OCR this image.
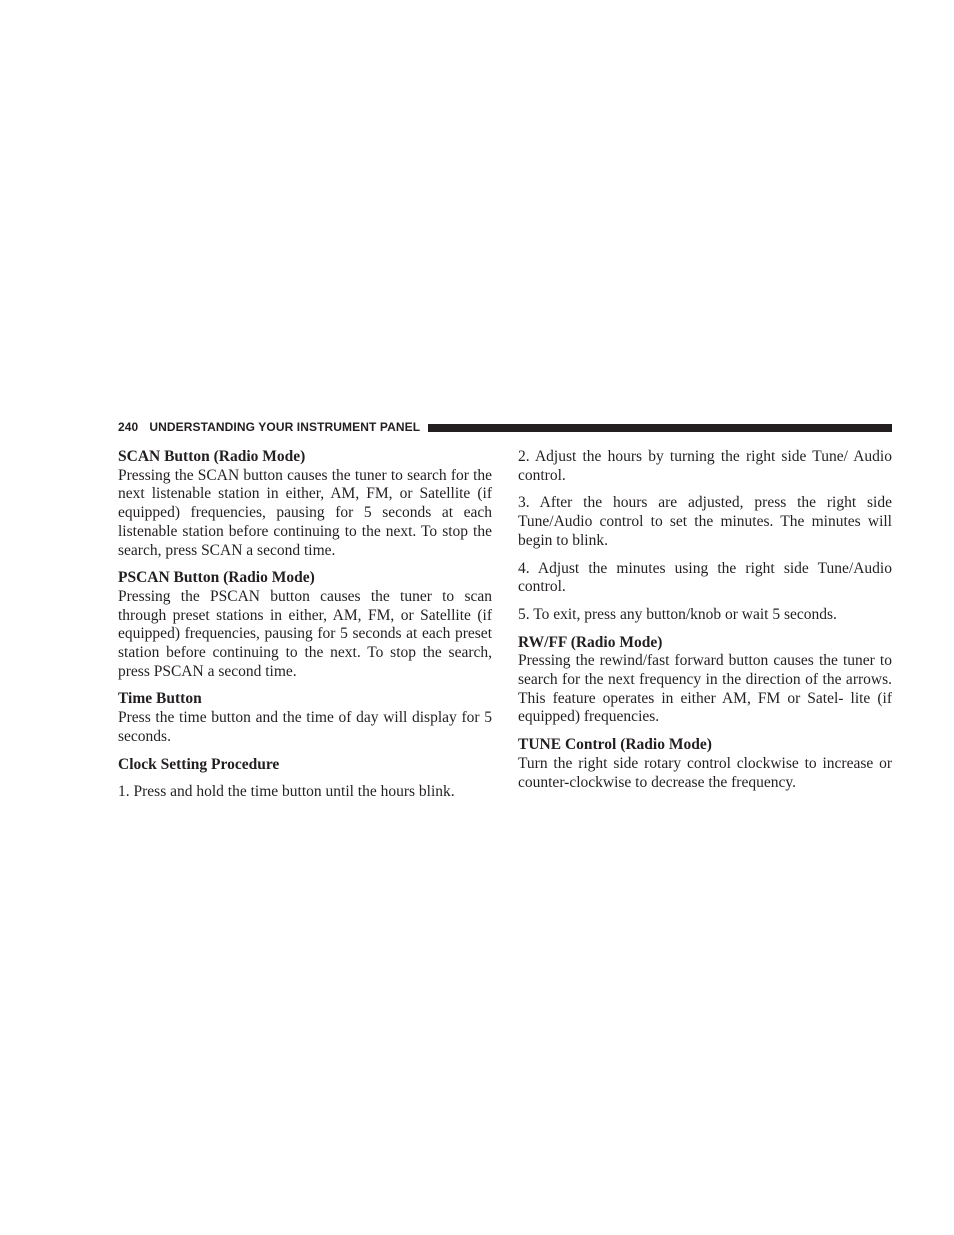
240 UNDERSTANDING YOUR INSTRUMENT PANEL

SCAN Button (Radio Mode)

Pressing the SCAN button causes the tuner to search for the next listenable station in either, AM, FM, or Satellite (if equipped) frequencies, pausing for 5 seconds at each listenable station before continuing to the next. To stop the search, press SCAN a second time.

PSCAN Button (Radio Mode)

Pressing the PSCAN button causes the tuner to scan through preset stations in either, AM, FM, or Satellite (if equipped) frequencies, pausing for 5 seconds at each preset station before continuing to the next. To stop the search, press PSCAN a second time.

Time Button

Press the time button and the time of day will display for 5 seconds.

Clock Setting Procedure

1. Press and hold the time button until the hours blink.

2. Adjust the hours by turning the right side Tune/ Audio control.

3. After the hours are adjusted, press the right side Tune/Audio control to set the minutes. The minutes will begin to blink.

4. Adjust the minutes using the right side Tune/Audio control.

5. To exit, press any button/knob or wait 5 seconds.

RW/FF (Radio Mode)

Pressing the rewind/fast forward button causes the tuner to search for the next frequency in the direction of the arrows. This feature operates in either AM, FM or Satel- lite (if equipped) frequencies.

TUNE Control (Radio Mode)

Turn the right side rotary control clockwise to increase or counter-clockwise to decrease the frequency.
